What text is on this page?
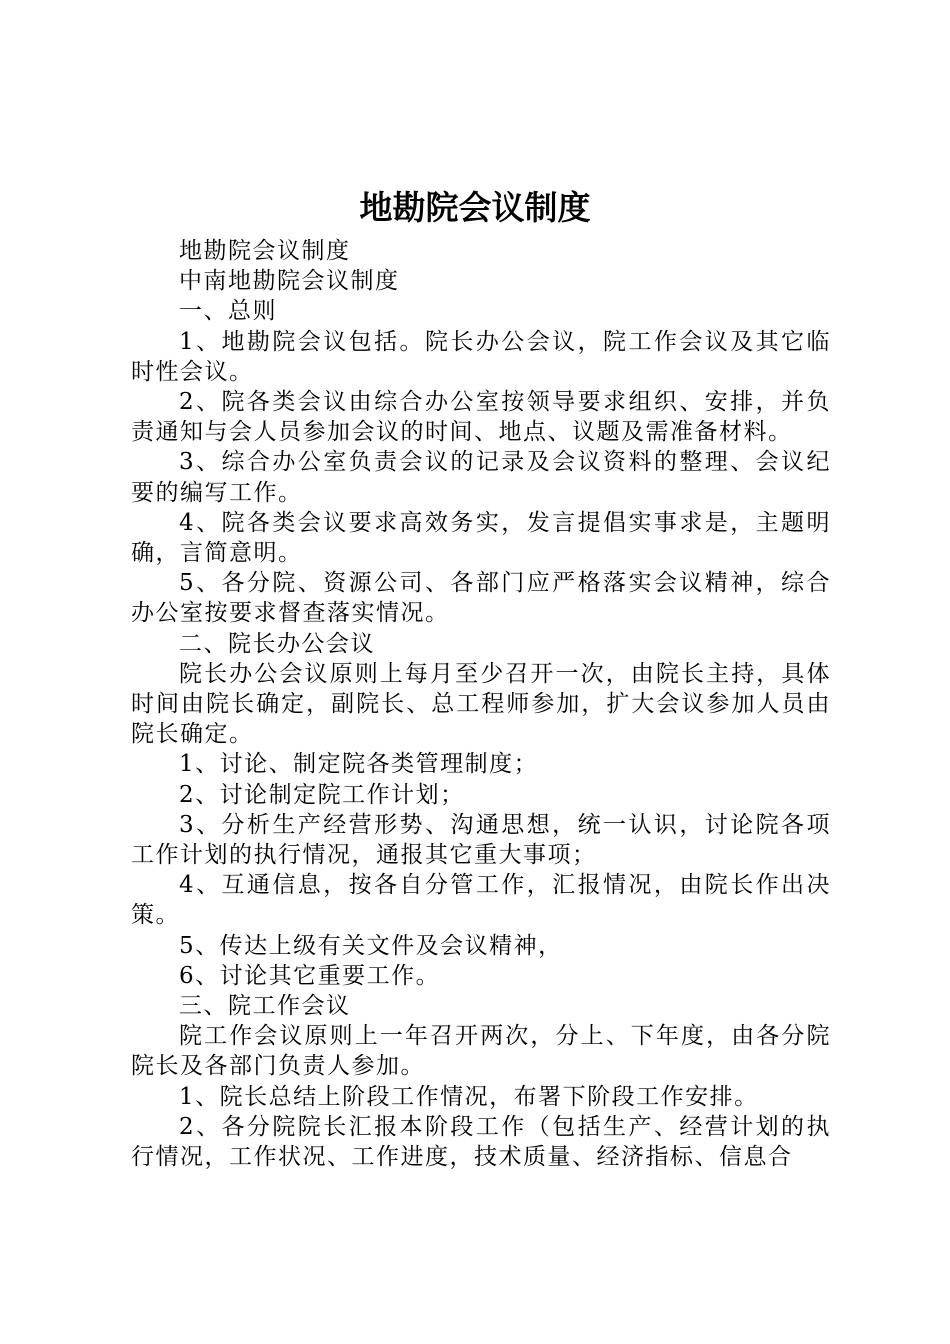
地勘院会议制度

地勘院会议制度

中南地勘院会议制度

一、总则

1、地勘院会议包括。院长办公会议，院工作会议及其它临时性会议。

2、院各类会议由综合办公室按领导要求组织、安排，并负责通知与会人员参加会议的时间、地点、议题及需准备材料。

3、综合办公室负责会议的记录及会议资料的整理、会议纪要的编写工作。

4、院各类会议要求高效务实，发言提倡实事求是，主题明确，言简意明。

5、各分院、资源公司、各部门应严格落实会议精神，综合办公室按要求督查落实情况。

二、院长办公会议

院长办公会议原则上每月至少召开一次，由院长主持，具体时间由院长确定，副院长、总工程师参加，扩大会议参加人员由院长确定。

1、讨论、制定院各类管理制度；

2、讨论制定院工作计划；

3、分析生产经营形势、沟通思想，统一认识，讨论院各项工作计划的执行情况，通报其它重大事项；

4、互通信息，按各自分管工作，汇报情况，由院长作出决策。

5、传达上级有关文件及会议精神，

6、讨论其它重要工作。

三、院工作会议

院工作会议原则上一年召开两次，分上、下年度，由各分院院长及各部门负责人参加。

1、院长总结上阶段工作情况，布署下阶段工作安排。

2、各分院院长汇报本阶段工作（包括生产、经营计划的执行情况，工作状况、工作进度，技术质量、经济指标、信息合
